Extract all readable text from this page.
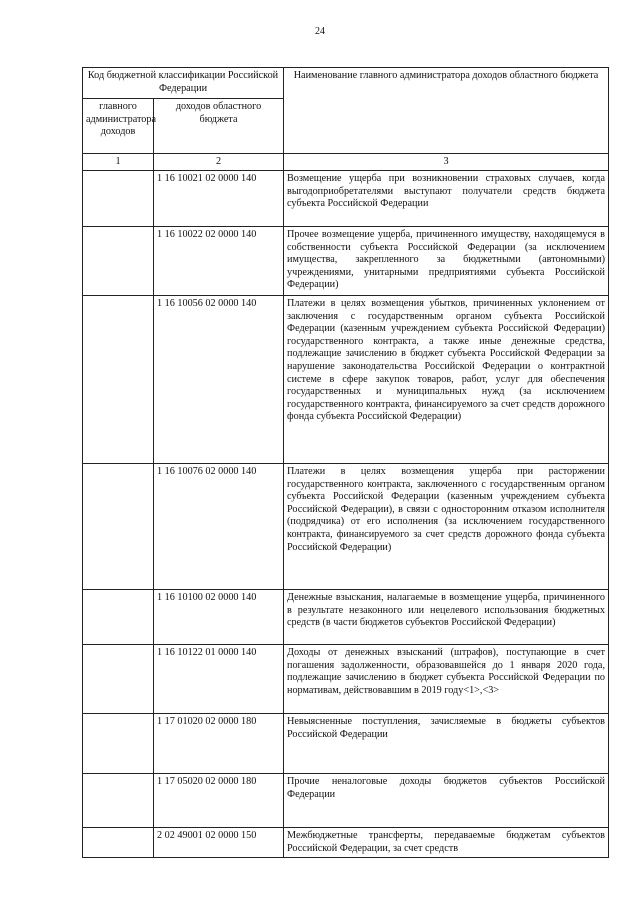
24
Код бюджетной классификации Российской Федерации		Наименование главного администратора доходов областного бюджета
главного администратора доходов	доходов областного бюджета	
1	2	3
	1 16 10021 02 0000 140	Возмещение ущерба при возникновении страховых случаев, когда выгодоприобретателями выступают получатели средств бюджета субъекта Российской Федерации
	1 16 10022 02 0000 140	Прочее возмещение ущерба, причиненного имуществу, находящемуся в собственности субъекта Российской Федерации (за исключением имущества, закрепленного за бюджетными (автономными) учреждениями, унитарными предприятиями субъекта Российской Федерации)
	1 16 10056 02 0000 140	Платежи в целях возмещения убытков, причиненных уклонением от заключения с государственным органом субъекта Российской Федерации (казенным учреждением субъекта Российской Федерации) государственного контракта, а также иные денежные средства, подлежащие зачислению в бюджет субъекта Российской Федерации за нарушение законодательства Российской Федерации о контрактной системе в сфере закупок товаров, работ, услуг для обеспечения государственных и муниципальных нужд (за исключением государственного контракта, финансируемого за счет средств дорожного фонда субъекта Российской Федерации)
	1 16 10076 02 0000 140	Платежи в целях возмещения ущерба при расторжении государственного контракта, заключенного с государственным органом субъекта Российской Федерации (казенным учреждением субъекта Российской Федерации), в связи с односторонним отказом исполнителя (подрядчика) от его исполнения (за исключением государственного контракта, финансируемого за счет средств дорожного фонда субъекта Российской Федерации)
	1 16 10100 02 0000 140	Денежные взыскания, налагаемые в возмещение ущерба, причиненного в результате незаконного или нецелевого использования бюджетных средств (в части бюджетов субъектов Российской Федерации)
	1 16 10122 01 0000 140	Доходы от денежных взысканий (штрафов), поступающие в счет погашения задолженности, образовавшейся до 1 января 2020 года, подлежащие зачислению в бюджет субъекта Российской Федерации по нормативам, действовавшим в 2019 году<1>,<3>
	1 17 01020 02 0000 180	Невыясненные поступления, зачисляемые в бюджеты субъектов Российской Федерации
	1 17 05020 02 0000 180	Прочие неналоговые доходы бюджетов субъектов Российской Федерации
	2 02 49001 02 0000 150	Межбюджетные трансферты, передаваемые бюджетам субъектов Российской Федерации, за счет средств
